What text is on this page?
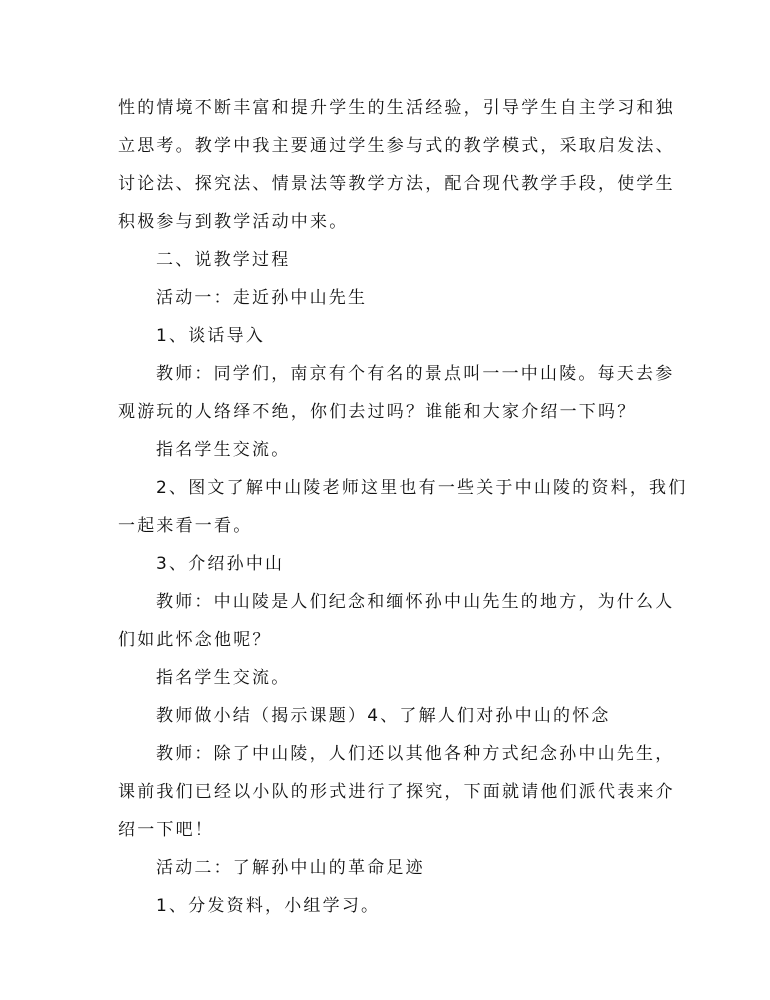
性的情境不断丰富和提升学生的生活经验，引导学生自主学习和独
立思考。教学中我主要通过学生参与式的教学模式，采取启发法、
讨论法、探究法、情景法等教学方法，配合现代教学手段，使学生
积极参与到教学活动中来。
二、说教学过程
活动一：走近孙中山先生
1、谈话导入
教师：同学们，南京有个有名的景点叫一一中山陵。每天去参
观游玩的人络绎不绝，你们去过吗？谁能和大家介绍一下吗？
指名学生交流。
2、图文了解中山陵老师这里也有一些关于中山陵的资料，我们
一起来看一看。
3、介绍孙中山
教师：中山陵是人们纪念和缅怀孙中山先生的地方，为什么人
们如此怀念他呢？
指名学生交流。
教师做小结（揭示课题）4、了解人们对孙中山的怀念
教师：除了中山陵，人们还以其他各种方式纪念孙中山先生，
课前我们已经以小队的形式进行了探究，下面就请他们派代表来介
绍一下吧！
活动二：了解孙中山的革命足迹
1、分发资料，小组学习。
